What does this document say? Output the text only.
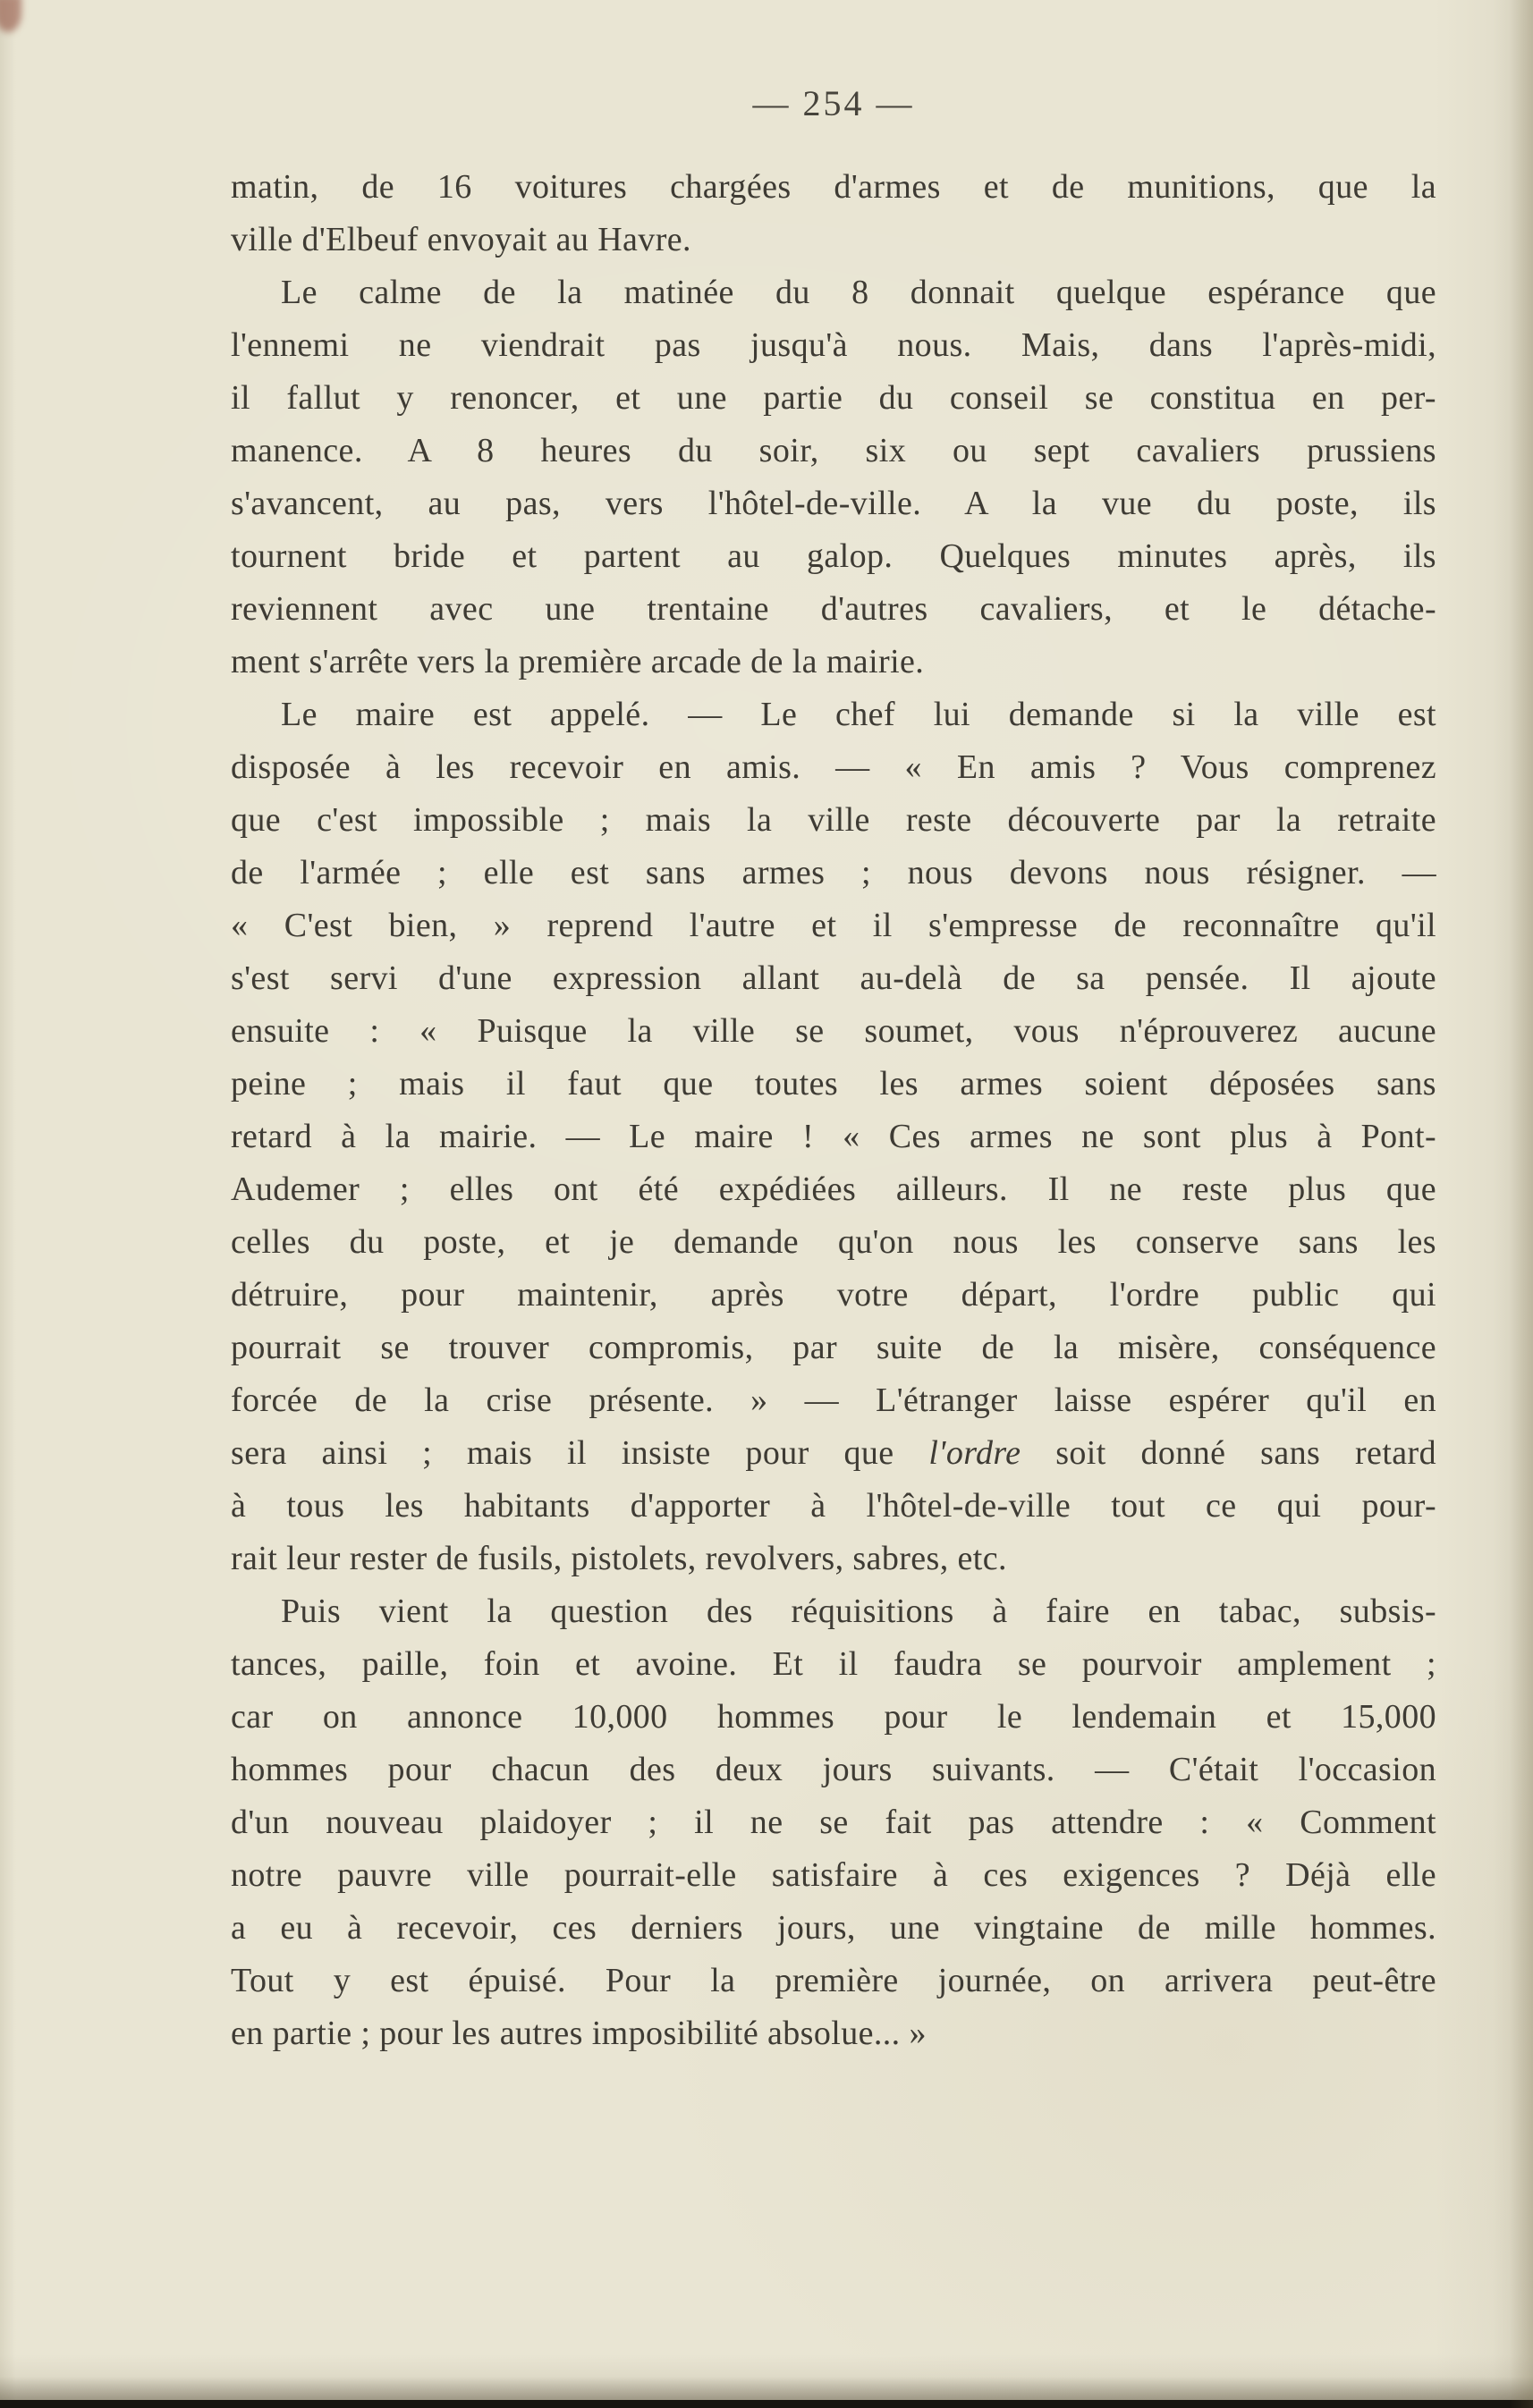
— 254 —
matin, de 16 voitures chargées d'armes et de munitions, que la
ville d'Elbeuf envoyait au Havre.
Le calme de la matinée du 8 donnait quelque espérance que
l'ennemi ne viendrait pas jusqu'à nous. Mais, dans l'après-midi,
il fallut y renoncer, et une partie du conseil se constitua en per-
manence. A 8 heures du soir, six ou sept cavaliers prussiens
s'avancent, au pas, vers l'hôtel-de-ville. A la vue du poste, ils
tournent bride et partent au galop. Quelques minutes après, ils
reviennent avec une trentaine d'autres cavaliers, et le détache-
ment s'arrête vers la première arcade de la mairie.
Le maire est appelé. — Le chef lui demande si la ville est
disposée à les recevoir en amis. — « En amis ? Vous comprenez
que c'est impossible ; mais la ville reste découverte par la retraite
de l'armée ; elle est sans armes ; nous devons nous résigner. —
« C'est bien, » reprend l'autre et il s'empresse de reconnaître qu'il
s'est servi d'une expression allant au-delà de sa pensée. Il ajoute
ensuite : « Puisque la ville se soumet, vous n'éprouverez aucune
peine ; mais il faut que toutes les armes soient déposées sans
retard à la mairie. — Le maire ! « Ces armes ne sont plus à Pont-
Audemer ; elles ont été expédiées ailleurs. Il ne reste plus que
celles du poste, et je demande qu'on nous les conserve sans les
détruire, pour maintenir, après votre départ, l'ordre public qui
pourrait se trouver compromis, par suite de la misère, conséquence
forcée de la crise présente. » — L'étranger laisse espérer qu'il en
sera ainsi ; mais il insiste pour que l'ordre soit donné sans retard
à tous les habitants d'apporter à l'hôtel-de-ville tout ce qui pour-
rait leur rester de fusils, pistolets, revolvers, sabres, etc.
Puis vient la question des réquisitions à faire en tabac, subsis-
tances, paille, foin et avoine. Et il faudra se pourvoir amplement ;
car on annonce 10,000 hommes pour le lendemain et 15,000
hommes pour chacun des deux jours suivants. — C'était l'occasion
d'un nouveau plaidoyer ; il ne se fait pas attendre : « Comment
notre pauvre ville pourrait-elle satisfaire à ces exigences ? Déjà elle
a eu à recevoir, ces derniers jours, une vingtaine de mille hommes.
Tout y est épuisé. Pour la première journée, on arrivera peut-être
en partie ; pour les autres imposibilité absolue... »
